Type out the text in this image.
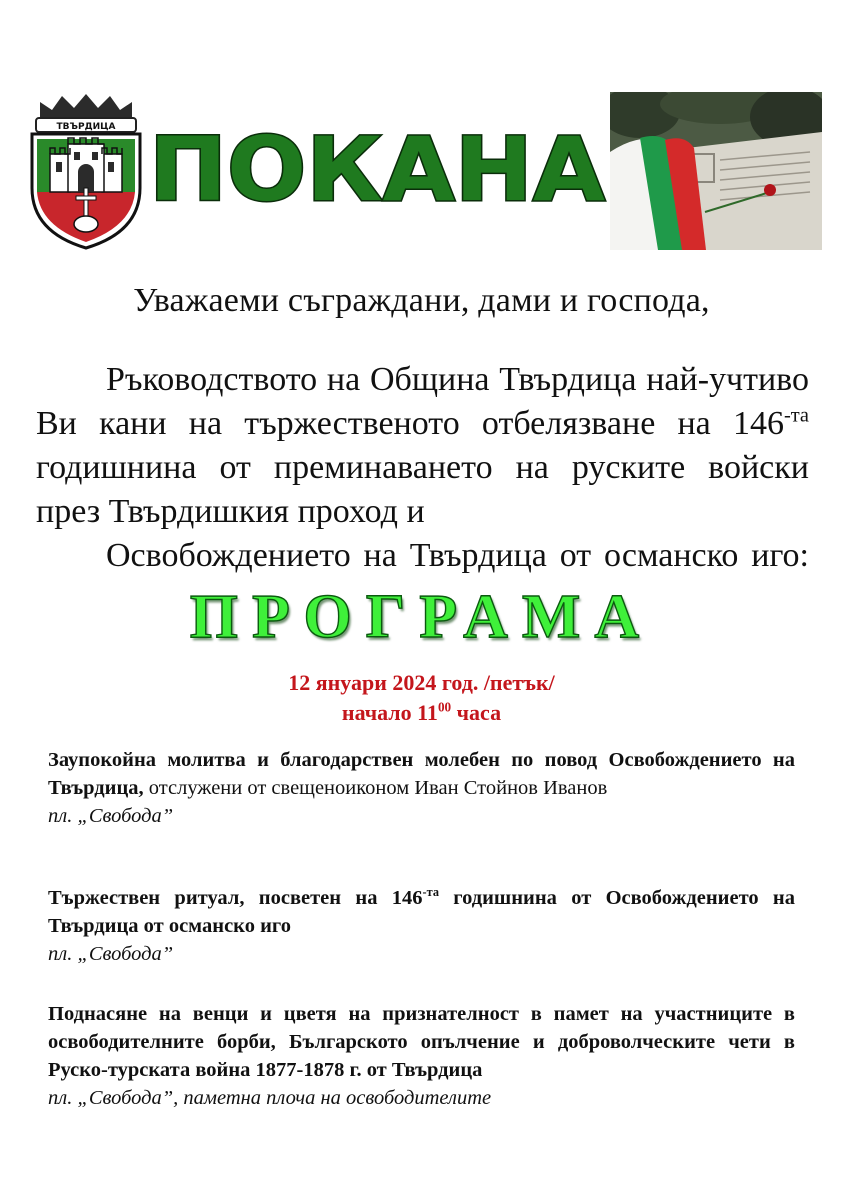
ТВЪРДИЦА ПОКАНА
Уважаеми съграждани, дами и господа,
Ръководството на Община Твърдица най-учтиво Ви кани на тържественото отбелязване на $146^{-та}$ годишнина от преминаването на руските войски през Твърдишкия проход и
Освобождението на Твърдица от османско иго:
ПРОГРАМА
12 януари 2024 год. /петък/
начало $11^{00}$ часа
Заупокойна молитва и благодарствен молебен по повод Освобождението на Твърдица, отслужени от свещеноиконом Иван Стойнов Иванов
пл. „Свобода”
Тържествен ритуал, посветен на $146^{-та}$ годишнина от Освобождението на Твърдица от османско иго
пл. „Свобода”
Поднасяне на венци и цветя на признателност в памет на участниците в освободителните борби, Българското опълчение и доброволческите чети в Руско-турската война 1877-1878 г. от Твърдица
пл. „Свобода”, паметна плоча на освободителите
